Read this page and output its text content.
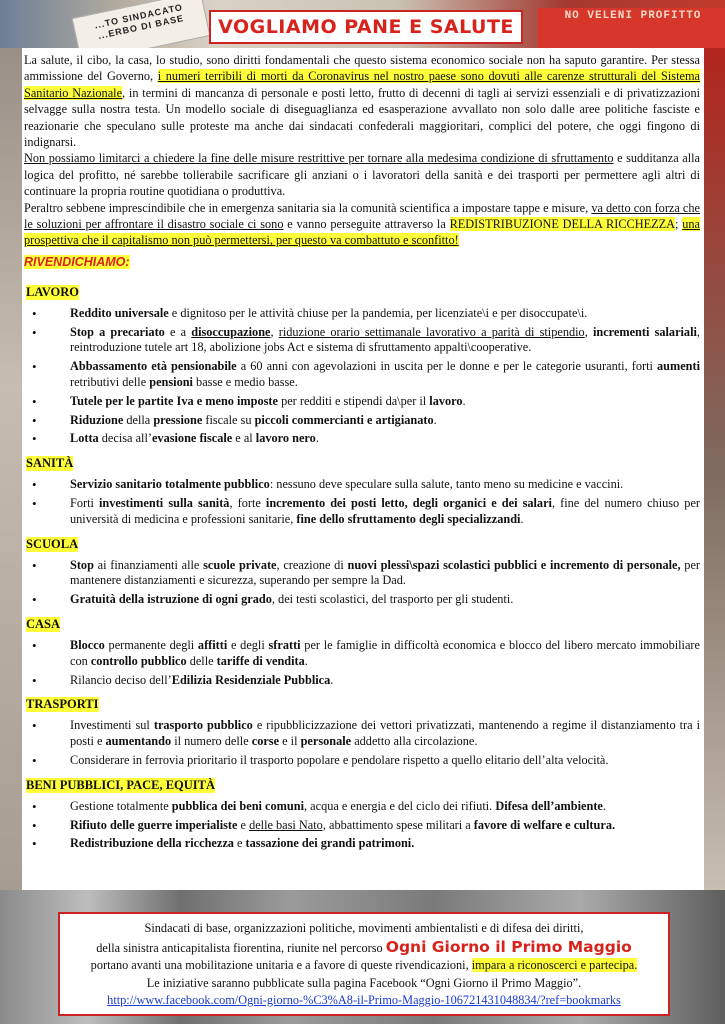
...TO SINDACATO ...ERBO DI BASE	NO VELENI PROFITTO
VOGLIAMO PANE E SALUTE

La salute, il cibo, la casa, lo studio, sono diritti fondamentali che questo sistema economico sociale non ha saputo garantire. Per stessa ammissione del Governo, i numeri terribili di morti da Coronavirus nel nostro paese sono dovuti alle carenze strutturali del Sistema Sanitario Nazionale, in termini di mancanza di personale e posti letto, frutto di decenni di tagli ai servizi essenziali e di privatizzazioni selvagge sulla nostra testa. Un modello sociale di diseguaglianza ed esasperazione avvallato non solo dalle aree politiche fasciste e reazionarie che speculano sulle proteste ma anche dai sindacati confederali maggioritari, complici del potere, che oggi fingono di indignarsi.

Non possiamo limitarci a chiedere la fine delle misure restrittive per tornare alla medesima condizione di sfruttamento e sudditanza alla logica del profitto, né sarebbe tollerabile sacrificare gli anziani o i lavoratori della sanità e dei trasporti per permettere agli altri di continuare la propria routine quotidiana o produttiva.

Peraltro sebbene imprescindibile che in emergenza sanitaria sia la comunità scientifica a impostare tappe e misure, va detto con forza che le soluzioni per affrontare il disastro sociale ci sono e vanno perseguite attraverso la REDISTRIBUZIONE DELLA RICCHEZZA; una prospettiva che il capitalismo non può permettersi, per questo va combattuto e sconfitto!

RIVENDICHIAMO:
LAVORO
• Reddito universale e dignitoso per le attività chiuse per la pandemia, per licenziate\i e per disoccupate\i.
• Stop a precariato e a disoccupazione, riduzione orario settimanale lavorativo a parità di stipendio, incrementi salariali, reintroduzione tutele art 18, abolizione jobs Act e sistema di sfruttamento appalti\cooperative.
• Abbassamento età pensionabile a 60 anni con agevolazioni in uscita per le donne e per le categorie usuranti, forti aumenti retributivi delle pensioni basse e medio basse.
• Tutele per le partite Iva e meno imposte per redditi e stipendi da\per il lavoro.
• Riduzione della pressione fiscale su piccoli commercianti e artigianato.
• Lotta decisa all’evasione fiscale e al lavoro nero.
SANITÀ
• Servizio sanitario totalmente pubblico: nessuno deve speculare sulla salute, tanto meno su medicine e vaccini.
• Forti investimenti sulla sanità, forte incremento dei posti letto, degli organici e dei salari, fine del numero chiuso per università di medicina e professioni sanitarie, fine dello sfruttamento degli specializzandi.
SCUOLA
• Stop ai finanziamenti alle scuole private, creazione di nuovi plessi\spazi scolastici pubblici e incremento di personale, per mantenere distanziamenti e sicurezza, superando per sempre la Dad.
• Gratuità della istruzione di ogni grado, dei testi scolastici, del trasporto per gli studenti.
CASA
• Blocco permanente degli affitti e degli sfratti per le famiglie in difficoltà economica e blocco del libero mercato immobiliare con controllo pubblico delle tariffe di vendita.
• Rilancio deciso dell’Edilizia Residenziale Pubblica.
TRASPORTI
• Investimenti sul trasporto pubblico e ripubblicizzazione dei vettori privatizzati, mantenendo a regime il distanziamento tra i posti e aumentando il numero delle corse e il personale addetto alla circolazione.
• Considerare in ferrovia prioritario il trasporto popolare e pendolare rispetto a quello elitario dell’alta velocità.
BENI PUBBLICI, PACE, EQUITÀ
• Gestione totalmente pubblica dei beni comuni, acqua e energia e del ciclo dei rifiuti. Difesa dell’ambiente.
• Rifiuto delle guerre imperialiste e delle basi Nato, abbattimento spese militari a favore di welfare e cultura.
• Redistribuzione della ricchezza e tassazione dei grandi patrimoni.

Sindacati di base, organizzazioni politiche, movimenti ambientalisti e di difesa dei diritti,

della sinistra anticapitalista fiorentina, riunite nel percorso Ogni Giorno il Primo Maggio

portano avanti una mobilitazione unitaria e a favore di queste rivendicazioni, impara a riconoscerci e partecipa.

Le iniziative saranno pubblicate sulla pagina Facebook “Ogni Giorno il Primo Maggio”.

http://www.facebook.com/Ogni-giorno-%C3%A8-il-Primo-Maggio-106721431048834/?ref=bookmarks
